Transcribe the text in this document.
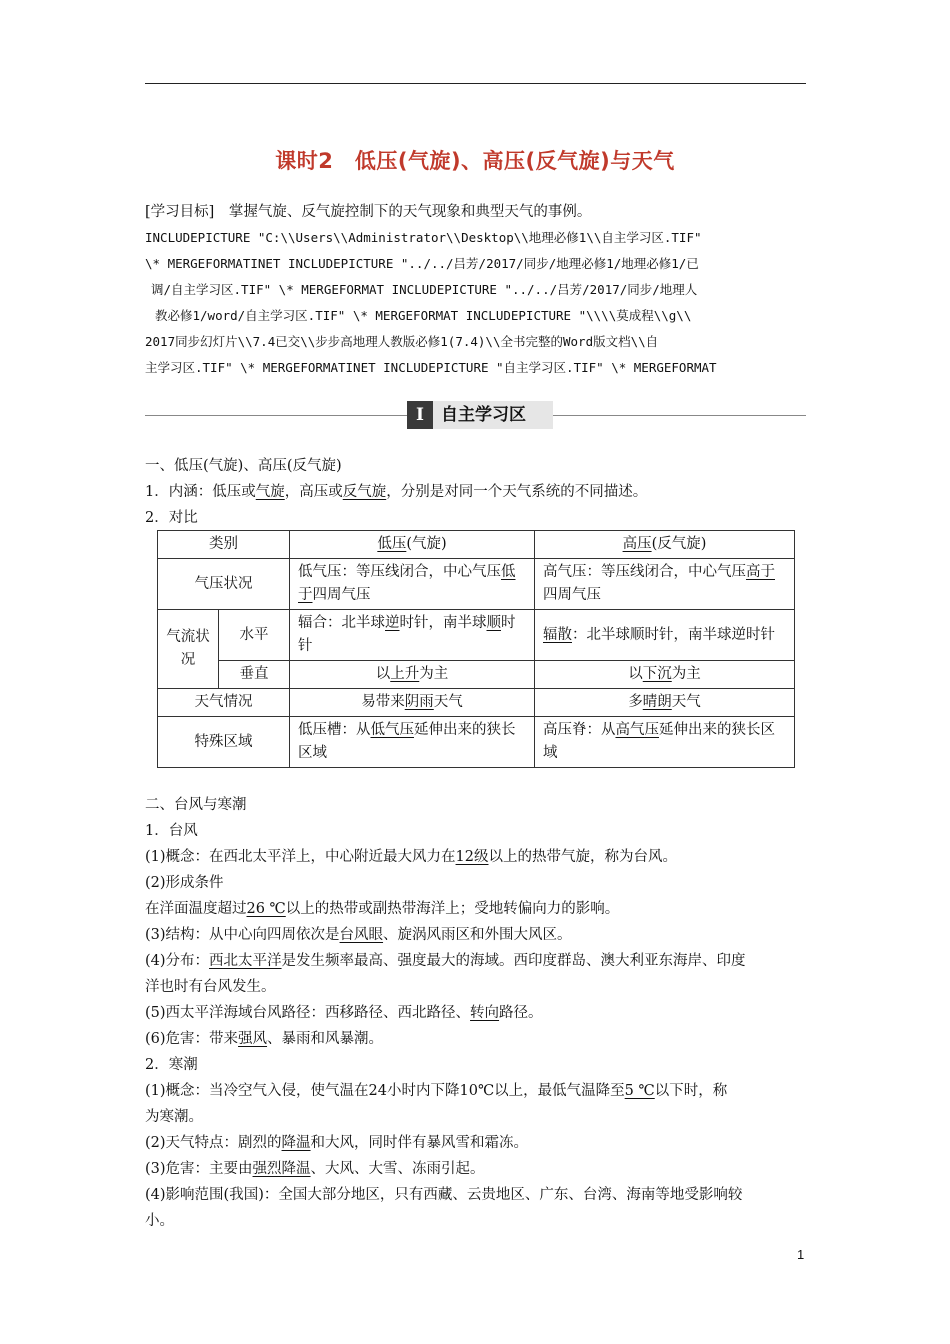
课时2　低压(气旋)、高压(反气旋)与天气
[学习目标]　 掌握气旋、反气旋控制下的天气现象和典型天气的事例。
INCLUDEPICTURE "C:\\Users\\Administrator\\Desktop\\地理必修1\\自主学习区.TIF"
\* MERGEFORMATINET INCLUDEPICTURE "../../吕芳/2017/同步/地理必修1/地理必修1/已
调/自主学习区.TIF" \* MERGEFORMAT INCLUDEPICTURE "../../吕芳/2017/同步/地理人
教必修1/word/自主学习区.TIF" \* MERGEFORMAT INCLUDEPICTURE "\\\\莫成程\\g\\
2017同步幻灯片\\7.4已交\\步步高地理人教版必修1(7.4)\\全书完整的Word版文档\\自
主学习区.TIF" \* MERGEFORMATINET INCLUDEPICTURE "自主学习区.TIF" \* MERGEFORMAT
I	自主学习区
一、低压(气旋)、高压(反气旋)
1．内涵：低压或气旋，高压或反气旋，分别是对同一个天气系统的不同描述。
2．对比
类别		低压(气旋)	高压(反气旋)
气压状况		低气压：等压线闭合，中心气压低于四周气压	高气压：等压线闭合，中心气压高于四周气压
气流状况	水平	辐合：北半球逆时针，南半球顺时针	辐散：北半球顺时针，南半球逆时针
	垂直	以上升为主	以下沉为主
天气情况		易带来阴雨天气	多晴朗天气
特殊区域		低压槽：从低气压延伸出来的狭长区域	高压脊：从高气压延伸出来的狭长区域
二、台风与寒潮
1．台风
(1)概念：在西北太平洋上，中心附近最大风力在12级以上的热带气旋，称为台风。
(2)形成条件
在洋面温度超过26 ℃以上的热带或副热带海洋上；受地转偏向力的影响。
(3)结构：从中心向四周依次是台风眼、旋涡风雨区和外围大风区。
(4)分布：西北太平洋是发生频率最高、强度最大的海域。西印度群岛、澳大利亚东海岸、印度
洋也时有台风发生。
(5)西太平洋海域台风路径：西移路径、西北路径、转向路径。
(6)危害：带来强风、暴雨和风暴潮。
2．寒潮
(1)概念：当冷空气入侵，使气温在24小时内下降10℃以上，最低气温降至5 ℃以下时，称
为寒潮。
(2)天气特点：剧烈的降温和大风，同时伴有暴风雪和霜冻。
(3)危害：主要由强烈降温、大风、大雪、冻雨引起。
(4)影响范围(我国)：全国大部分地区，只有西藏、云贵地区、广东、台湾、海南等地受影响较
小。
1
